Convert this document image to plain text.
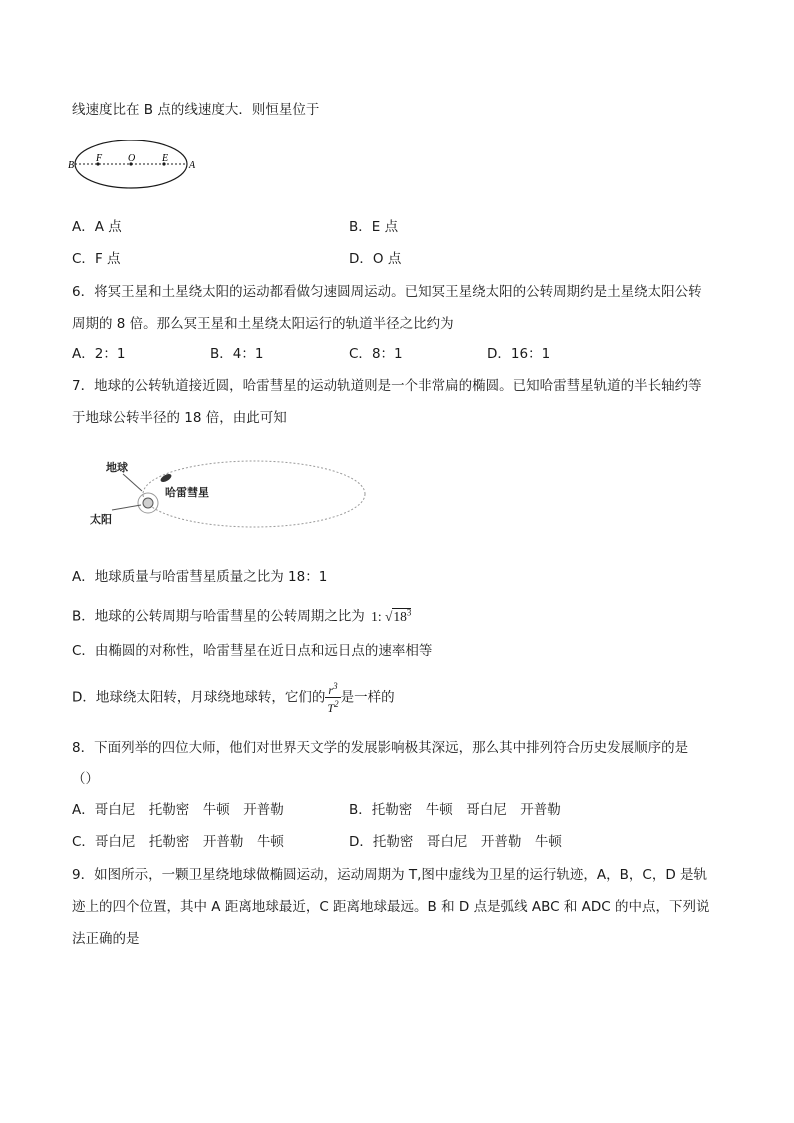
线速度比在 B 点的线速度大．则恒星位于
B
F	O	E
A
A．A 点	B．E 点
C．F 点	D．O 点
6．将冥王星和土星绕太阳的运动都看做匀速圆周运动。已知冥王星绕太阳的公转周期约是土星绕太阳公转
周期的 8 倍。那么冥王星和土星绕太阳运行的轨道半径之比约为
A．2：1	B．4：1	C．8：1	D．16：1
7．地球的公转轨道接近圆，哈雷彗星的运动轨道则是一个非常扁的椭圆。已知哈雷彗星轨道的半长轴约等
于地球公转半径的 18 倍，由此可知
地球
哈雷彗星
太阳
A．地球质量与哈雷彗星质量之比为 18：1
B．地球的公转周期与哈雷彗星的公转周期之比为 1: $√18^3$
C．由椭圆的对称性，哈雷彗星在近日点和远日点的速率相等
D．地球绕太阳转，月球绕地球转，它们的 $\frac{r^3}{T^2}$ 是一样的
8．下面列举的四位大师，他们对世界天文学的发展影响极其深远，那么其中排列符合历史发展顺序的是
（）
A．哥白尼　托勒密　牛顿　开普勒	B．托勒密　牛顿　哥白尼　开普勒
C．哥白尼　托勒密　开普勒　牛顿	D．托勒密　哥白尼　开普勒　牛顿
9．如图所示，一颗卫星绕地球做椭圆运动，运动周期为 T,图中虚线为卫星的运行轨迹，A，B，C，D 是轨
迹上的四个位置，其中 A 距离地球最近，C 距离地球最远。B 和 D 点是弧线 ABC 和 ADC 的中点，下列说
法正确的是
